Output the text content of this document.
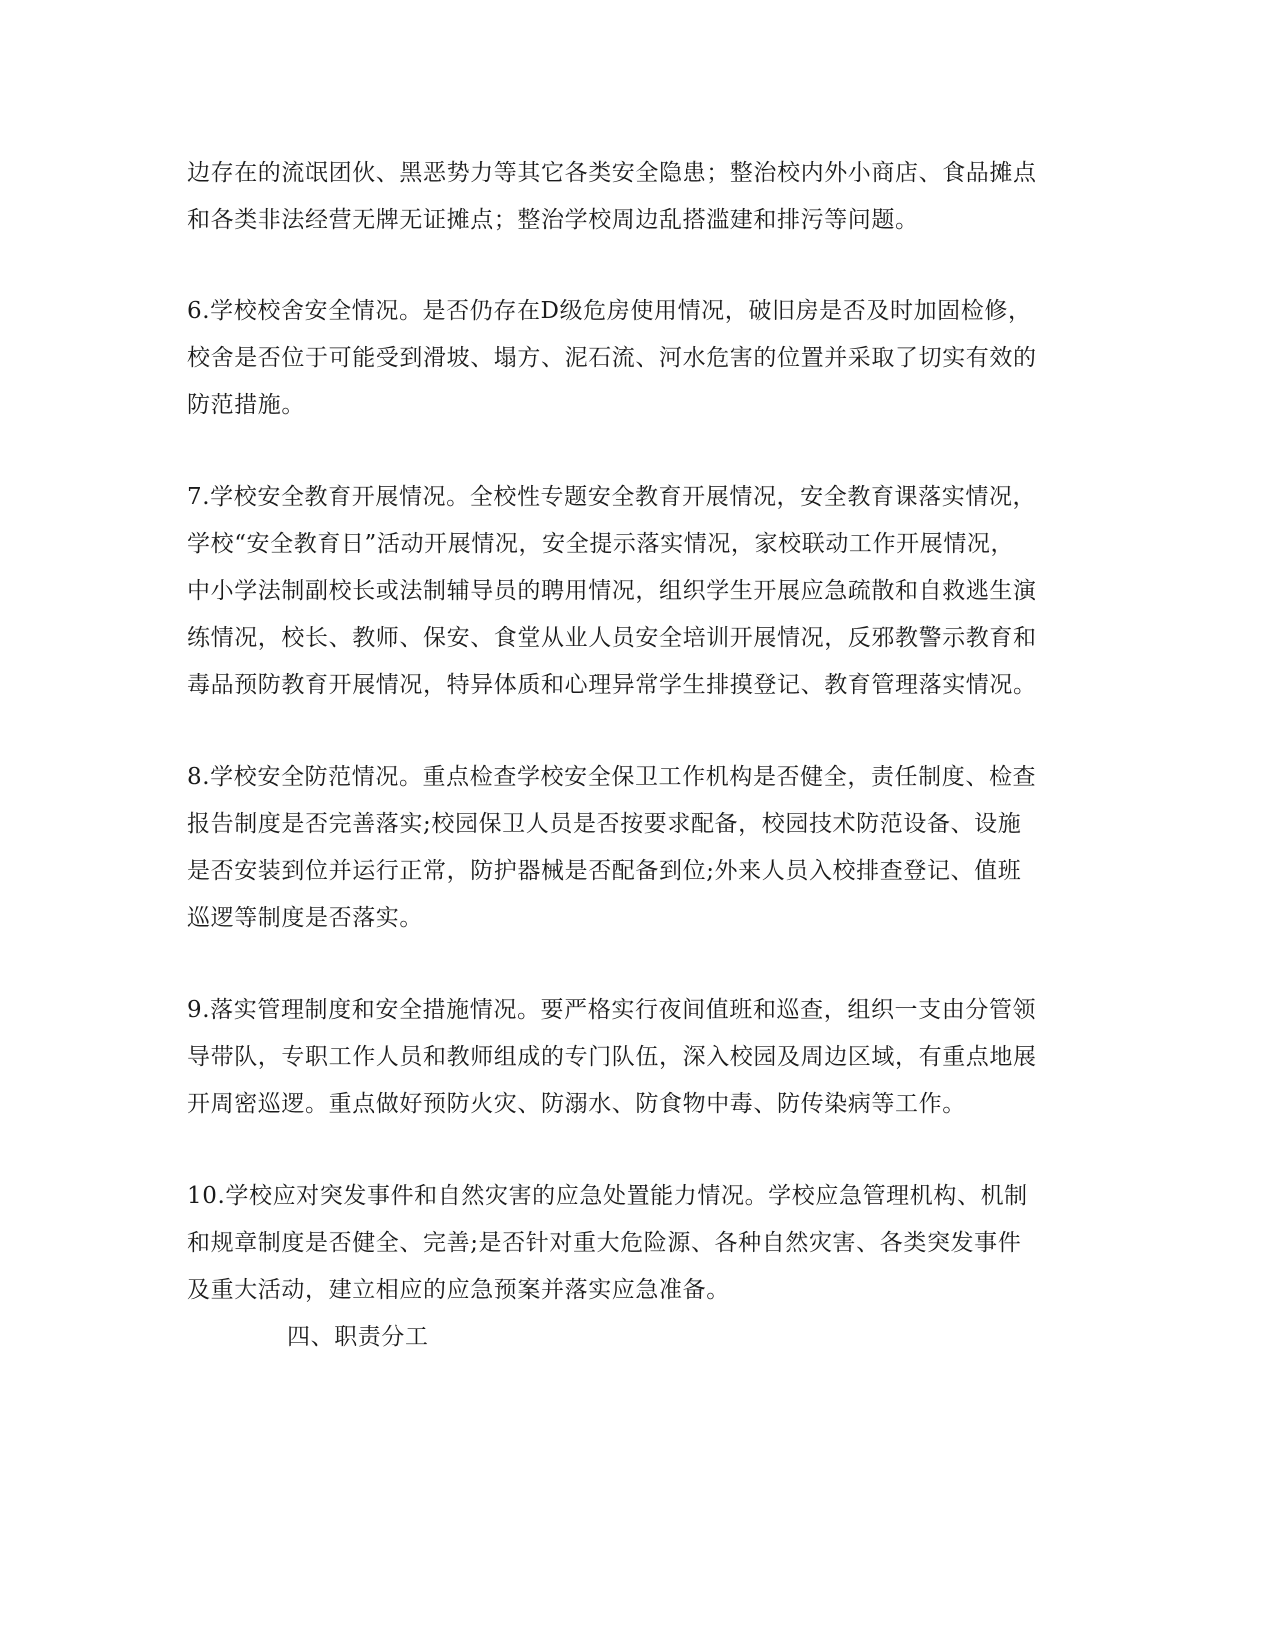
边存在的流氓团伙、黑恶势力等其它各类安全隐患；整治校内外小商店、食品摊点
和各类非法经营无牌无证摊点；整治学校周边乱搭滥建和排污等问题。
6.学校校舍安全情况。是否仍存在D级危房使用情况，破旧房是否及时加固检修，
校舍是否位于可能受到滑坡、塌方、泥石流、河水危害的位置并采取了切实有效的
防范措施。
7.学校安全教育开展情况。全校性专题安全教育开展情况，安全教育课落实情况，
学校“安全教育日”活动开展情况，安全提示落实情况，家校联动工作开展情况，
中小学法制副校长或法制辅导员的聘用情况，组织学生开展应急疏散和自救逃生演
练情况，校长、教师、保安、食堂从业人员安全培训开展情况，反邪教警示教育和
毒品预防教育开展情况，特异体质和心理异常学生排摸登记、教育管理落实情况。
8.学校安全防范情况。重点检查学校安全保卫工作机构是否健全，责任制度、检查
报告制度是否完善落实;校园保卫人员是否按要求配备，校园技术防范设备、设施
是否安装到位并运行正常，防护器械是否配备到位;外来人员入校排查登记、值班
巡逻等制度是否落实。
9.落实管理制度和安全措施情况。要严格实行夜间值班和巡查，组织一支由分管领
导带队，专职工作人员和教师组成的专门队伍，深入校园及周边区域，有重点地展
开周密巡逻。重点做好预防火灾、防溺水、防食物中毒、防传染病等工作。
10.学校应对突发事件和自然灾害的应急处置能力情况。学校应急管理机构、机制
和规章制度是否健全、完善;是否针对重大危险源、各种自然灾害、各类突发事件
及重大活动，建立相应的应急预案并落实应急准备。
四、职责分工
